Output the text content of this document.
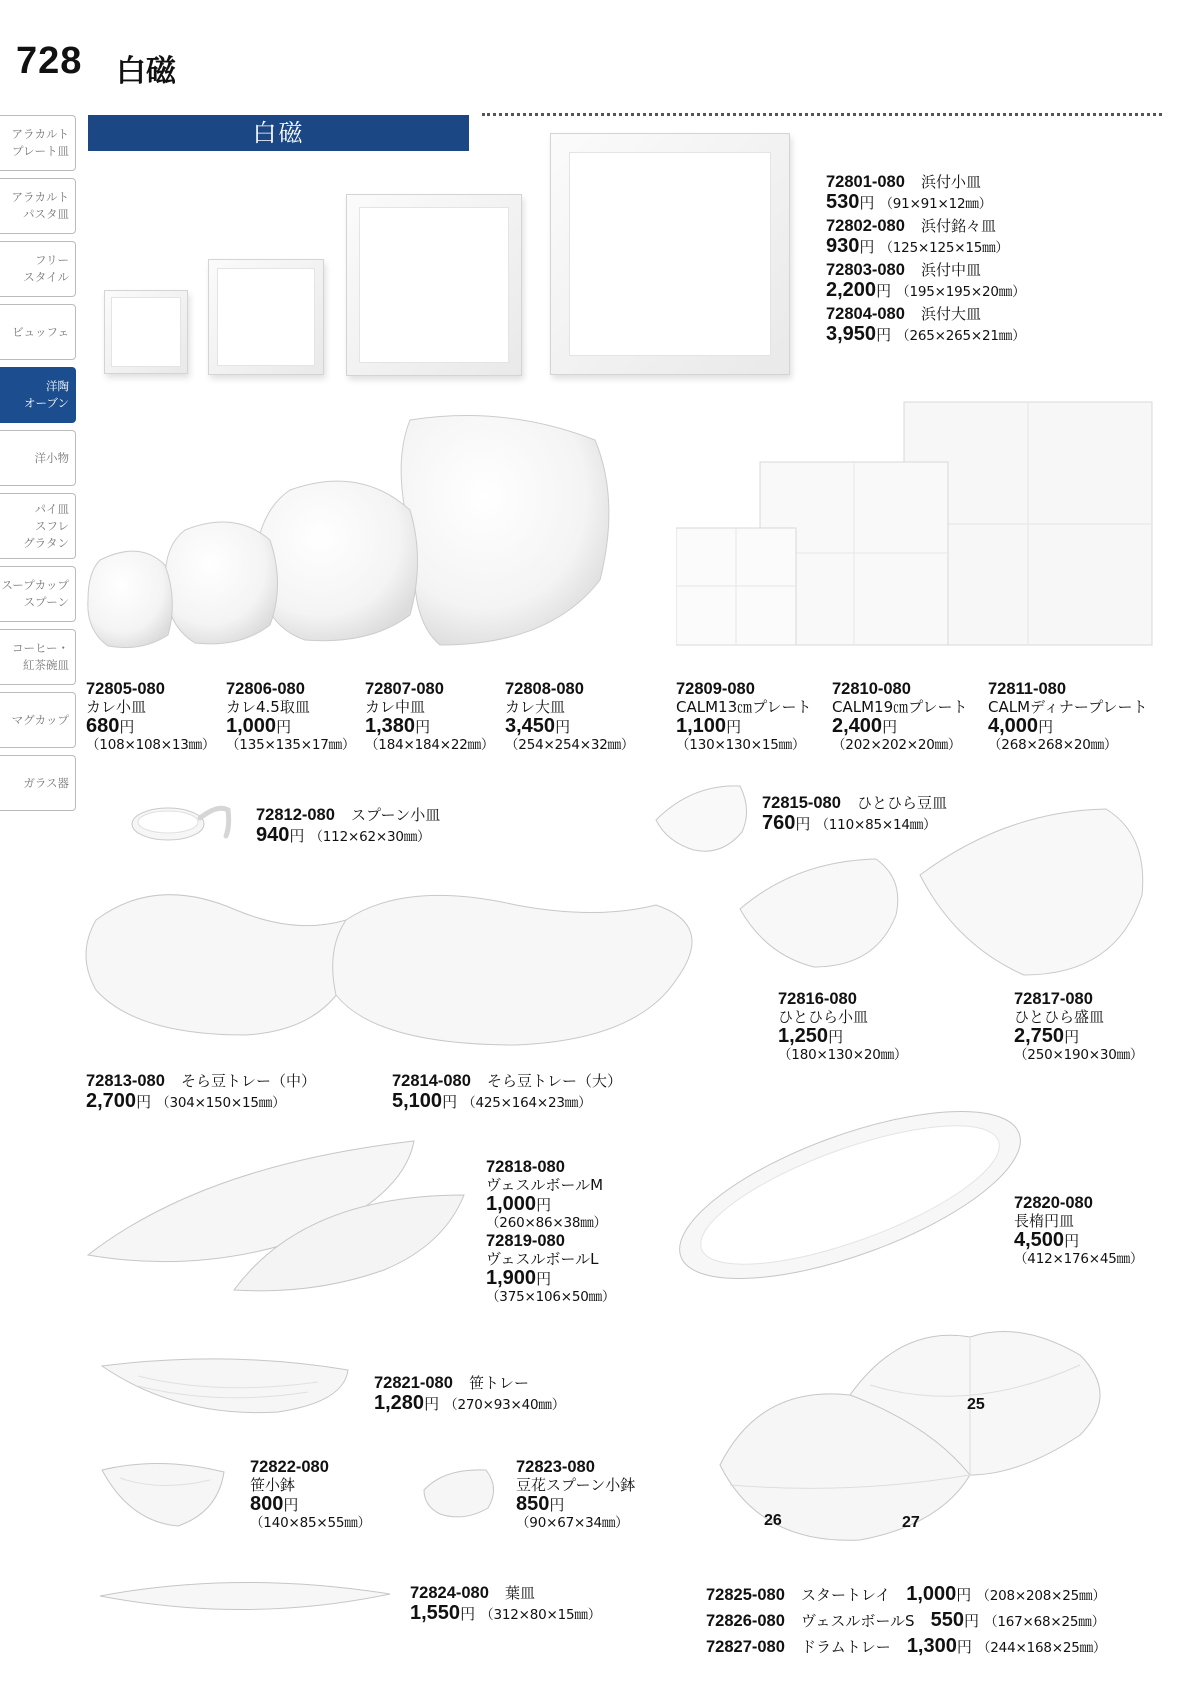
728 白磁
アラカルト
プレート皿
アラカルト
パスタ皿
フリー
スタイル
ビュッフェ
洋陶
オーブン
洋小物
パイ皿
スフレ
グラタン
スープカップ
スプーン
コーヒー・
紅茶碗皿
マグカップ
ガラス器
白磁
72801-080　 浜付小皿
530円 （91×91×12㎜）
72802-080　 浜付銘々皿
930円 （125×125×15㎜）
72803-080　 浜付中皿
2,200円 （195×195×20㎜）
72804-080　 浜付大皿
3,950円 （265×265×21㎜）
72805-080
カレ小皿
680円
（108×108×13㎜）
72806-080
カレ4.5取皿
1,000円
（135×135×17㎜）
72807-080
カレ中皿
1,380円
（184×184×22㎜）
72808-080
カレ大皿
3,450円
（254×254×32㎜）
72809-080
CALM13㎝プレート
1,100円
（130×130×15㎜）
72810-080
CALM19㎝プレート
2,400円
（202×202×20㎜）
72811-080
CALMディナープレート
4,000円
（268×268×20㎜）
72812-080　 スプーン小皿
940円 （112×62×30㎜）
72815-080　 ひとひら豆皿
760円 （110×85×14㎜）
72816-080
ひとひら小皿
1,250円
（180×130×20㎜）
72817-080
ひとひら盛皿
2,750円
（250×190×30㎜）
72813-080　 そら豆トレー（中）
2,700円 （304×150×15㎜）
72814-080　 そら豆トレー（大）
5,100円 （425×164×23㎜）
72818-080
ヴェスルボールM
1,000円
（260×86×38㎜）
72819-080
ヴェスルボールL
1,900円
（375×106×50㎜）
72820-080
長楕円皿
4,500円
（412×176×45㎜）
72821-080　 笹トレー
1,280円 （270×93×40㎜）
72822-080
笹小鉢
800円
（140×85×55㎜）
72823-080
豆花スプーン小鉢
850円
（90×67×34㎜）
72824-080　 葉皿
1,550円 （312×80×15㎜）
25
26	27
72825-080　 スタートレイ　 1,000円 （208×208×25㎜）
72826-080　 ヴェスルボールS　 550円 （167×68×25㎜）
72827-080　 ドラムトレー　 1,300円 （244×168×25㎜）
